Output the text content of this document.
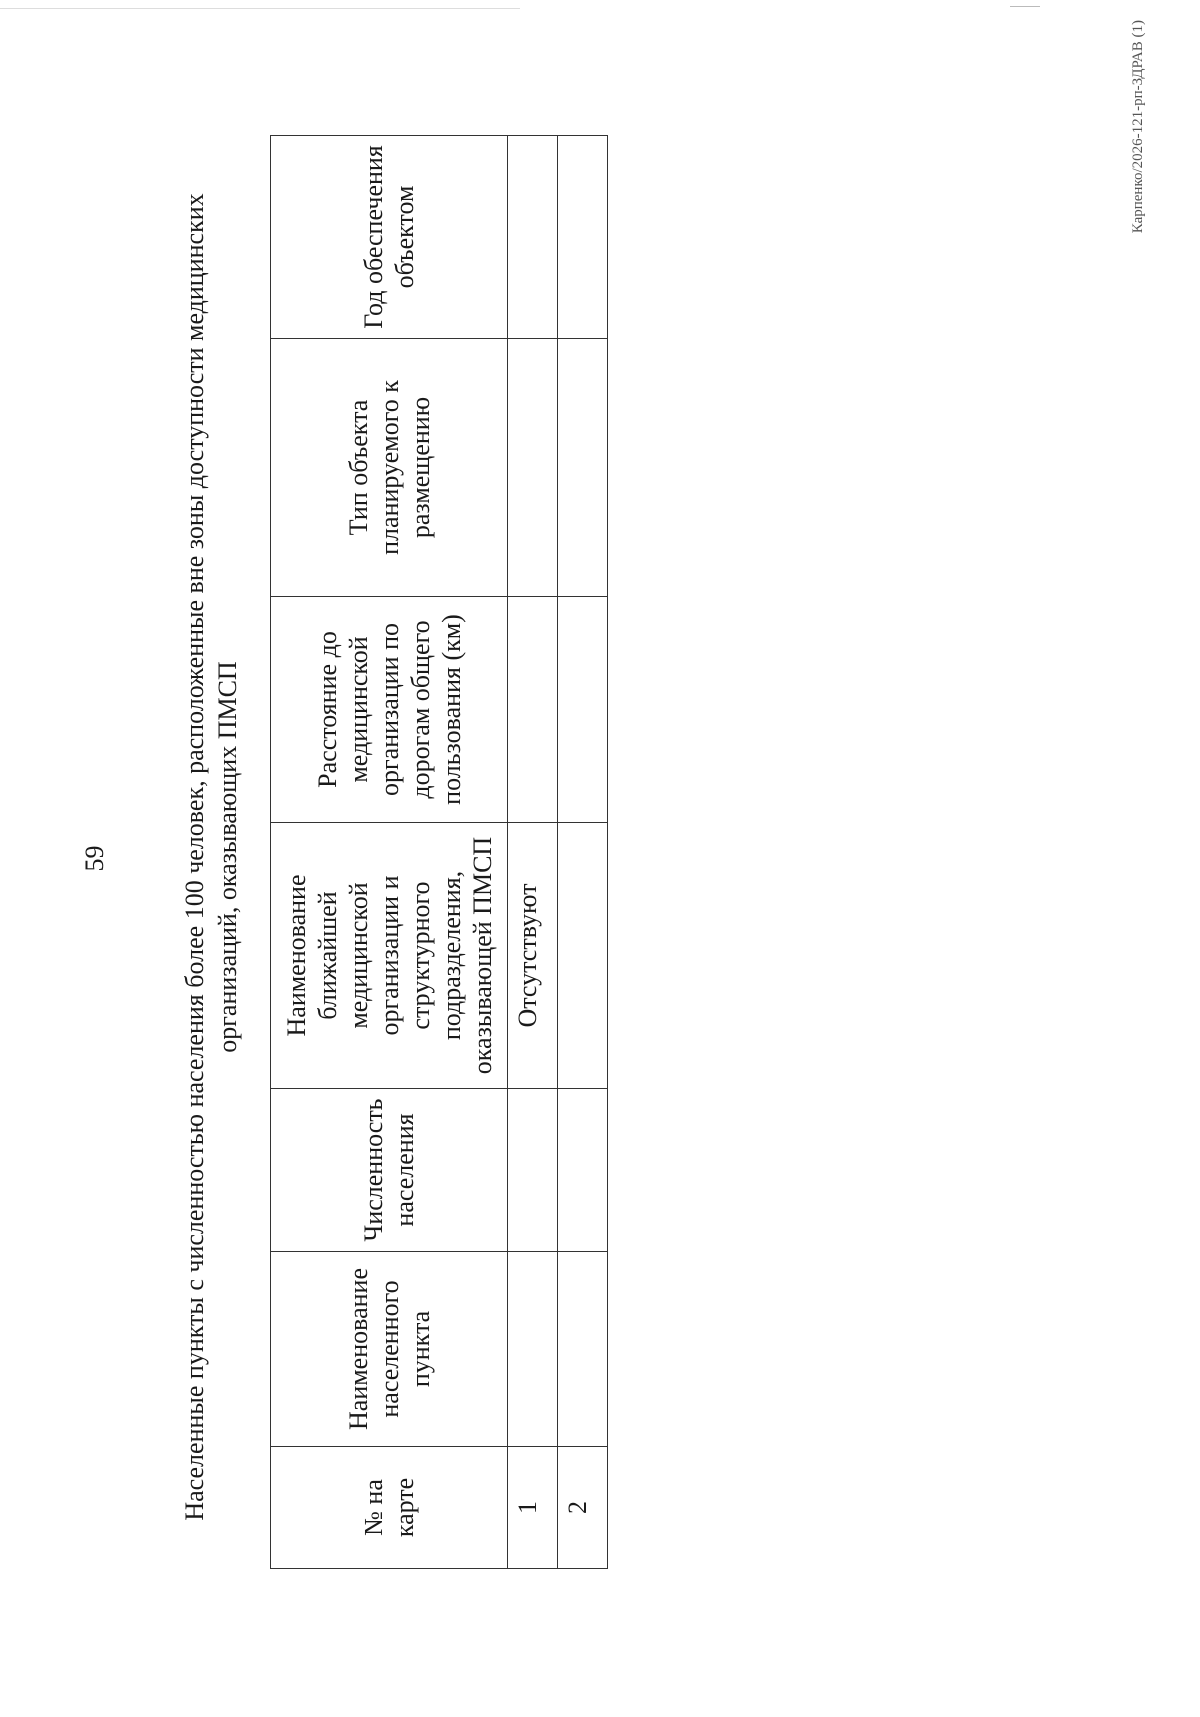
59	Населенные пункты с численностью населения более 100 человек, расположенные вне зоны доступности медицинских организаций, оказывающих ПМСП
№ на карте	Наименование населенного пункта	Численность населения	Наименование ближайшей медицинской организации и структурного подразделения, оказывающей ПМСП	Расстояние до медицинской организации по дорогам общего пользования (км)	Тип объекта планируемого к размещению	Год обеспечения объектом
1			Отсутствуют			
2						
Карпенко/2026-121-рп-ЗДРАВ (1)
